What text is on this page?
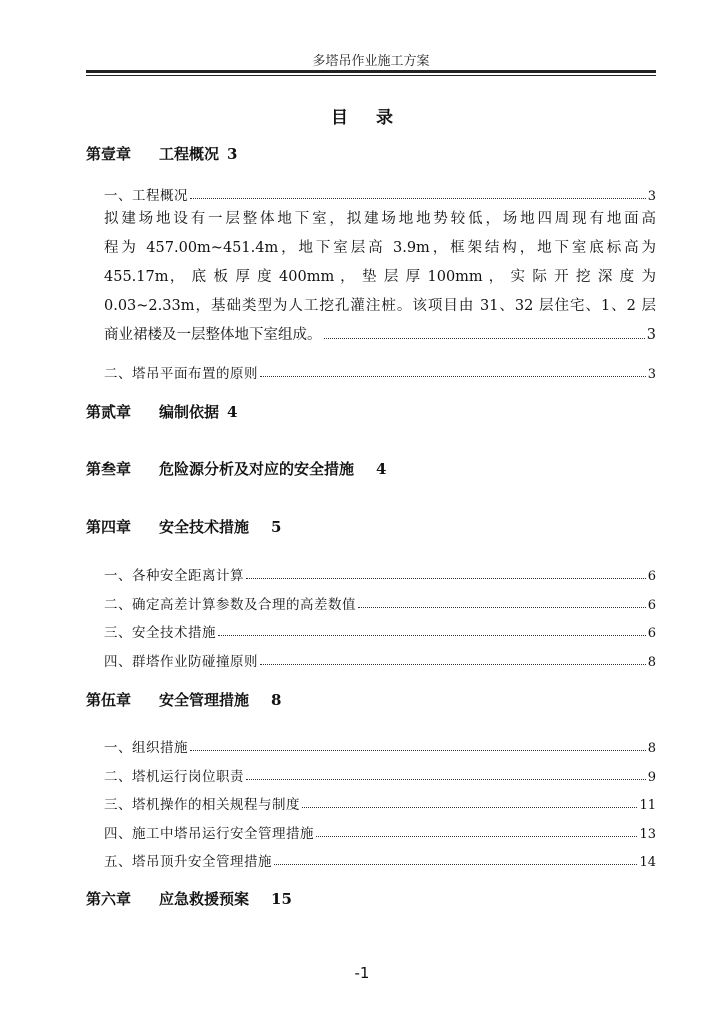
多塔吊作业施工方案
目录
第壹章 工程概况 3
一、工程概况	3
拟建场地设有一层整体地下室，拟建场地地势较低，场地四周现有地面高
程为 457.00m~451.4m，地下室层高 3.9m，框架结构，地下室底标高为
455.17m， 底 板 厚 度 400mm ， 垫 层 厚 100mm ， 实 际 开 挖 深 度 为
0.03~2.33m，基础类型为人工挖孔灌注桩。该项目由 31、32 层住宅、1、2 层
商业裙楼及一层整体地下室组成。	3
二、塔吊平面布置的原则	3
第贰章 编制依据 4
第叁章 危险源分析及对应的安全措施 4
第四章 安全技术措施 5
一、各种安全距离计算	6
二、确定高差计算参数及合理的高差数值	6
三、安全技术措施	6
四、群塔作业防碰撞原则	8
第伍章 安全管理措施 8
一、组织措施	8
二、塔机运行岗位职责	9
三、塔机操作的相关规程与制度	11
四、施工中塔吊运行安全管理措施	13
五、塔吊顶升安全管理措施	14
第六章 应急救援预案 15
-1
